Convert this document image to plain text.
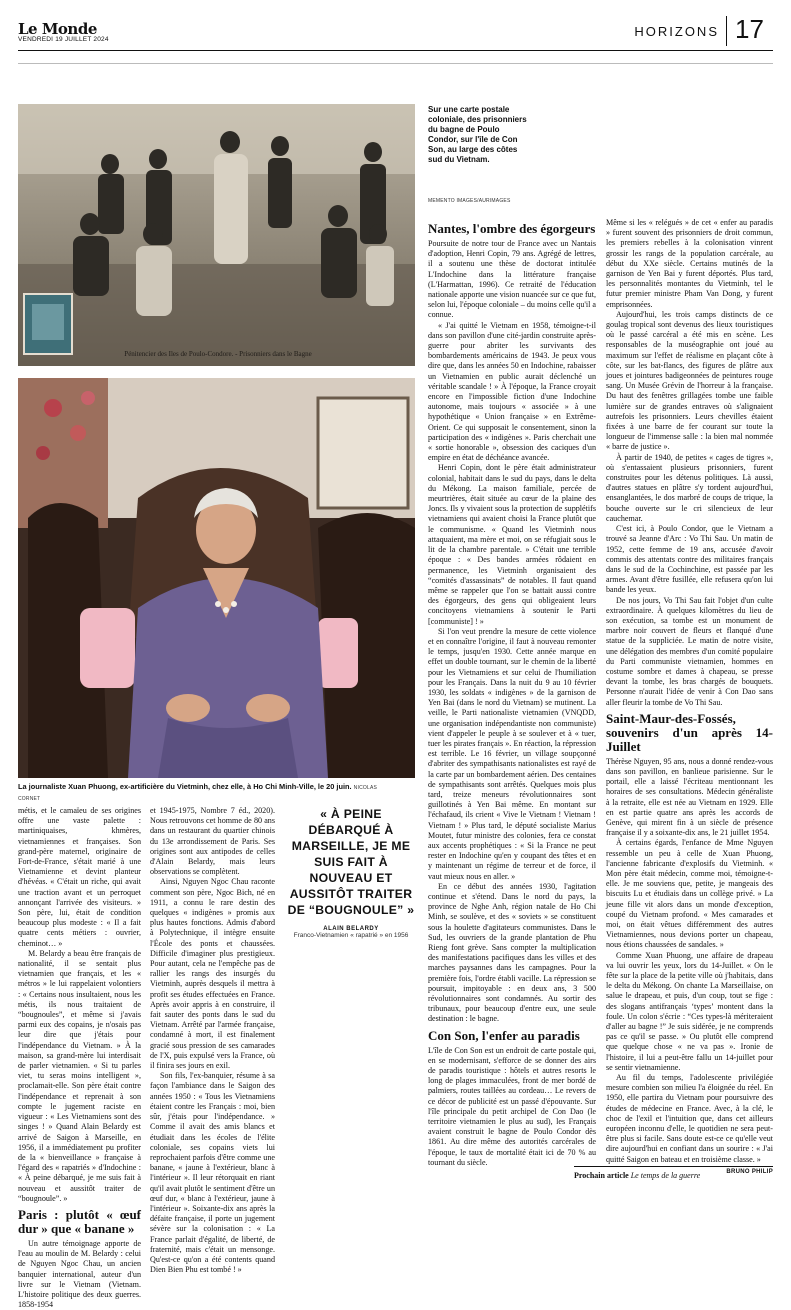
Le Monde
VENDREDI 19 JUILLET 2024
HORIZONS 17
Pénitencier des Iles de Poulo-Condore. - Prisonniers dans le Bagne
Sur une carte postale coloniale, des prisonniers du bagne de Poulo Condor, sur l'île de Con Son, au large des côtes sud du Vietnam.
MEMENTO IMAGES/AURIMAGES
La journaliste Xuan Phuong, ex-artificière du Vietminh, chez elle, à Ho Chi Minh-Ville, le 20 juin. NICOLAS CORNET

métis, et le camaïeu de ses origines offre une vaste palette : martiniquaises, khmères, vietnamiennes et françaises. Son grand-père maternel, originaire de Fort-de-France, s'était marié à une Vietnamienne et devint planteur d'hévéas. « C'était un riche, qui avait une traction avant et un perroquet annonçant l'arrivée des visiteurs. » Son père, lui, était de condition beaucoup plus modeste : « Il a fait quatre cents métiers : ouvrier, cheminot… »

M. Belardy a beau être français de nationalité, il se sentait plus vietnamien que français, et les « métros » le lui rappelaient volontiers : « Certains nous insultaient, nous les métis, ils nous traitaient de “bougnoules”, et même si j'avais parmi eux des copains, je n'osais pas leur dire que j'étais pour l'indépendance du Vietnam. » À la maison, sa grand-mère lui interdisait de parler vietnamien. « Si tu parles viet, tu seras moins intelligent », proclamait-elle. Son père était contre l'indépendance et reprenait à son compte le jugement raciste en vigueur : « Les Vietnamiens sont des singes ! » Quand Alain Belardy est arrivé de Saigon à Marseille, en 1956, il a immédiatement pu profiter de la « bienveillance » française à l'égard des « rapatriés » d'Indochine : « À peine débarqué, je me suis fait à nouveau et aussitôt traiter de “bougnoule”. »

Paris : plutôt « œuf dur » que « banane »

Un autre témoignage apporte de l'eau au moulin de M. Belardy : celui de Nguyen Ngoc Chau, un ancien banquier international, auteur d'un livre sur le Vietnam (Vietnam. L'histoire politique des deux guerres. 1858-1954

et 1945-1975, Nombre 7 éd., 2020). Nous retrouvons cet homme de 80 ans dans un restaurant du quartier chinois du 13e arrondissement de Paris. Ses origines sont aux antipodes de celles d'Alain Belardy, mais leurs observations se complètent.

Ainsi, Nguyen Ngoc Chau raconte comment son père, Ngoc Bich, né en 1911, a connu le rare destin des quelques « indigènes » promis aux plus hautes fonctions. Admis d'abord à Polytechnique, il intègre ensuite l'École des ponts et chaussées. Difficile d'imaginer plus prestigieux. Pour autant, cela ne l'empêche pas de rallier les rangs des insurgés du Vietminh, auprès desquels il mettra à profit ses études effectuées en France. Après avoir appris à en construire, il fait sauter des ponts dans le sud du Vietnam. Arrêté par l'armée française, condamné à mort, il est finalement gracié sous pression de ses camarades de l'X, puis expulsé vers la France, où il finira ses jours en exil.

Son fils, l'ex-banquier, résume à sa façon l'ambiance dans le Saigon des années 1950 : « Tous les Vietnamiens étaient contre les Français : moi, bien sûr, j'étais pour l'indépendance. » Comme il avait des amis blancs et étudiait dans les écoles de l'élite coloniale, ses copains viets lui reprochaient parfois d'être comme une banane, « jaune à l'extérieur, blanc à l'intérieur ». Il leur rétorquait en riant qu'il avait plutôt le sentiment d'être un œuf dur, « blanc à l'extérieur, jaune à l'intérieur ». Soixante-dix ans après la défaite française, il porte un jugement sévère sur la colonisation : « La France parlait d'égalité, de liberté, de fraternité, mais c'était un mensonge. Qu'est-ce qu'on a été contents quand Dien Bien Phu est tombé ! »

« À PEINE DÉBARQUÉ À MARSEILLE, JE ME SUIS FAIT À NOUVEAU ET AUSSITÔT TRAITER DE “BOUGNOULE” »
ALAIN BELARDY
Franco-Vietnamien « rapatrié » en 1956
Nantes, l'ombre des égorgeurs

Poursuite de notre tour de France avec un Nantais d'adoption, Henri Copin, 79 ans. Agrégé de lettres, il a soutenu une thèse de doctorat intitulée L'Indochine dans la littérature française (L'Harmattan, 1996). Ce retraité de l'éducation nationale apporte une vision nuancée sur ce que fut, selon lui, l'époque coloniale – du moins celle qu'il a connue.

« J'ai quitté le Vietnam en 1958, témoigne-t-il dans son pavillon d'une cité-jardin construite après-guerre pour abriter les survivants des bombardements américains de 1943. Je peux vous dire que, dans les années 50 en Indochine, rabaisser un Vietnamien en public aurait déclenché un véritable scandale ! » À l'époque, la France croyait encore en l'impossible fiction d'une Indochine autonome, mais toujours « associée » à une hypothétique « Union française » en Extrême-Orient. Ce qui supposait le consentement, sinon la participation des « indigènes ». Paris cherchait une « sortie honorable », obsession des caciques d'un empire en état de déchéance avancée.

Henri Copin, dont le père était administrateur colonial, habitait dans le sud du pays, dans le delta du Mékong. La maison familiale, percée de meurtrières, était située au cœur de la plaine des Joncs. Ils y vivaient sous la protection de supplétifs vietnamiens qui avaient choisi la France plutôt que le communisme. « Quand les Vietminh nous attaquaient, ma mère et moi, on se réfugiait sous le lit de la chambre parentale. » C'était une terrible époque : « Des bandes armées rôdaient en permanence, les Vietminh organisaient des “comités d'assassinats” de notables. Il faut quand même se rappeler que l'on se battait aussi contre des égorgeurs, des gens qui obligeaient leurs concitoyens vietnamiens à soutenir le Parti [communiste] ! »

Si l'on veut prendre la mesure de cette violence et en connaître l'origine, il faut à nouveau remonter le temps, jusqu'en 1930. Cette année marque en effet un double tournant, sur le chemin de la liberté pour les Vietnamiens et sur celui de l'humiliation pour les Français. Dans la nuit du 9 au 10 février 1930, les soldats « indigènes » de la garnison de Yen Bai (dans le nord du Vietnam) se mutinent. La veille, le Parti nationaliste vietnamien (VNQDD, une organisation indépendantiste non communiste) vient d'appeler le peuple à se soulever et à « tuer, tuer les pirates français ». En réaction, la répression est terrible. Le 16 février, un village soupçonné d'abriter des sympathisants nationalistes est rayé de la carte par un bombardement aérien. Des centaines de sympathisants sont arrêtés. Quelques mois plus tard, treize meneurs révolutionnaires sont guillotinés à Yen Bai même. En montant sur l'échafaud, ils crient « Vive le Vietnam ! Vietnam ! Vietnam ! » Plus tard, le député socialiste Marius Moutet, futur ministre des colonies, fera ce constat aux accents prophétiques : « Si la France ne peut rester en Indochine qu'en y coupant des têtes et en y maintenant un régime de terreur et de force, il vaut mieux nous en aller. »

En ce début des années 1930, l'agitation continue et s'étend. Dans le nord du pays, la province de Nghe Anh, région natale de Ho Chi Minh, se soulève, et des « soviets » se constituent sous la houlette d'agitateurs communistes. Dans le Sud, les ouvriers de la grande plantation de Phu Rieng font grève. Sans compter la multiplication des manifestations pacifiques dans les villes et des marches paysannes dans les campagnes. Pour la première fois, l'ordre établi vacille. La répression se poursuit, impitoyable : en deux ans, 3 500 révolutionnaires sont condamnés. Au sortir des tribunaux, pour beaucoup d'entre eux, une seule destination : le bagne.

Con Son, l'enfer au paradis

L'île de Con Son est un endroit de carte postale qui, en se modernisant, s'efforce de se donner des airs de paradis touristique : hôtels et autres resorts le long de plages immaculées, front de mer bordé de palmiers, routes taillées au cordeau… Le revers de ce décor de publicité est un passé d'épouvante. Sur l'île principale du petit archipel de Con Dao (le territoire vietnamien le plus au sud), les Français avaient construit le bagne de Poulo Condor dès 1861. Au dire même des autorités carcérales de l'époque, le taux de mortalité était ici de 70 % au tournant du siècle.

Même si les « relégués » de cet « enfer au paradis » furent souvent des prisonniers de droit commun, les premiers rebelles à la colonisation vinrent grossir les rangs de la population carcérale, au début du XXe siècle. Certains mutinés de la garnison de Yen Bai y furent déportés. Plus tard, les personnalités montantes du Vietminh, tel le futur premier ministre Pham Van Dong, y furent emprisonnées.

Aujourd'hui, les trois camps distincts de ce goulag tropical sont devenus des lieux touristiques où le passé carcéral a été mis en scène. Les responsables de la muséographie ont joué au maximum sur l'effet de réalisme en plaçant côte à côte, sur les bat-flancs, des figures de plâtre aux joues et jointures badigeonnées de peintures rouge sang. Un Musée Grévin de l'horreur à la française. Du haut des fenêtres grillagées tombe une faible lumière sur de grandes entraves où s'alignaient autrefois les prisonniers. Leurs chevilles étaient fixées à une barre de fer courant sur toute la longueur de l'immense salle : la bien mal nommée « barre de justice ».

À partir de 1940, de petites « cages de tigres », où s'entassaient plusieurs prisonniers, furent construites pour les détenus politiques. Là aussi, d'autres statues en plâtre s'y tordent aujourd'hui, ensanglantées, le dos marbré de coups de trique, la bouche ouverte sur le cri silencieux de leur cauchemar.

C'est ici, à Poulo Condor, que le Vietnam a trouvé sa Jeanne d'Arc : Vo Thi Sau. Un matin de 1952, cette femme de 19 ans, accusée d'avoir commis des attentats contre des militaires français dans le sud de la Cochinchine, est passée par les armes. Avant d'être fusillée, elle refusera qu'on lui bande les yeux.

De nos jours, Vo Thi Sau fait l'objet d'un culte extraordinaire. À quelques kilomètres du lieu de son exécution, sa tombe est un monument de marbre noir couvert de fleurs et flanqué d'une statue de la suppliciée. Le matin de notre visite, une délégation des membres d'un comité populaire du Parti communiste vietnamien, hommes en costume sombre et dames à chapeau, se presse devant la tombe, les bras chargés de bouquets. Personne n'aurait l'idée de venir à Con Dao sans aller fleurir la tombe de Vo Thi Sau.

Saint-Maur-des-Fossés, souvenirs d'un après 14-Juillet

Thérèse Nguyen, 95 ans, nous a donné rendez-vous dans son pavillon, en banlieue parisienne. Sur le portail, elle a laissé l'écriteau mentionnant les horaires de ses consultations. Médecin généraliste à la retraite, elle est née au Vietnam en 1929. Elle en est partie quatre ans après les accords de Genève, qui mirent fin à un siècle de présence française il y a soixante-dix ans, le 21 juillet 1954.

À certains égards, l'enfance de Mme Nguyen ressemble un peu à celle de Xuan Phuong, l'ancienne fabricante d'explosifs du Vietminh. « Mon père était médecin, comme moi, témoigne-t-elle. Je me souviens que, petite, je mangeais des biscuits Lu et étudiais dans un collège privé. » La jeune fille vit alors dans un monde d'exception, coupé du Vietnam profond. « Mes camarades et moi, on était vêtues différemment des autres Vietnamiennes, nous devions porter un chapeau, nous étions chaussées de sandales. »

Comme Xuan Phuong, une affaire de drapeau va lui ouvrir les yeux, lors du 14-Juillet. « On le fête sur la place de la petite ville où j'habitais, dans le delta du Mékong. On chante La Marseillaise, on salue le drapeau, et puis, d'un coup, tout se fige : des slogans antifrançais ‘types’ montent dans la foule. Un colon s'écrie : “Ces types-là mériteraient d'aller au bagne !” Je suis sidérée, je ne comprends pas ce qu'il se passe. » Ou plutôt elle comprend que quelque chose « ne va pas ». Ironie de l'histoire, il lui a peut-être fallu un 14-juillet pour se sentir vietnamienne.

Au fil du temps, l'adolescente privilégiée mesure combien son milieu l'a éloignée du réel. En 1950, elle partira du Vietnam pour poursuivre des études de médecine en France. Avec, à la clé, le choc de l'exil et l'intuition que, dans cet ailleurs européen inconnu d'elle, le quotidien ne sera peut-être plus si facile. Sans doute est-ce ce qu'elle veut dire aujourd'hui en confiant dans un sourire : « J'ai quitté Saigon en bateau et en troisième classe. »

BRUNO PHILIP
Prochain article Le temps de la guerre
